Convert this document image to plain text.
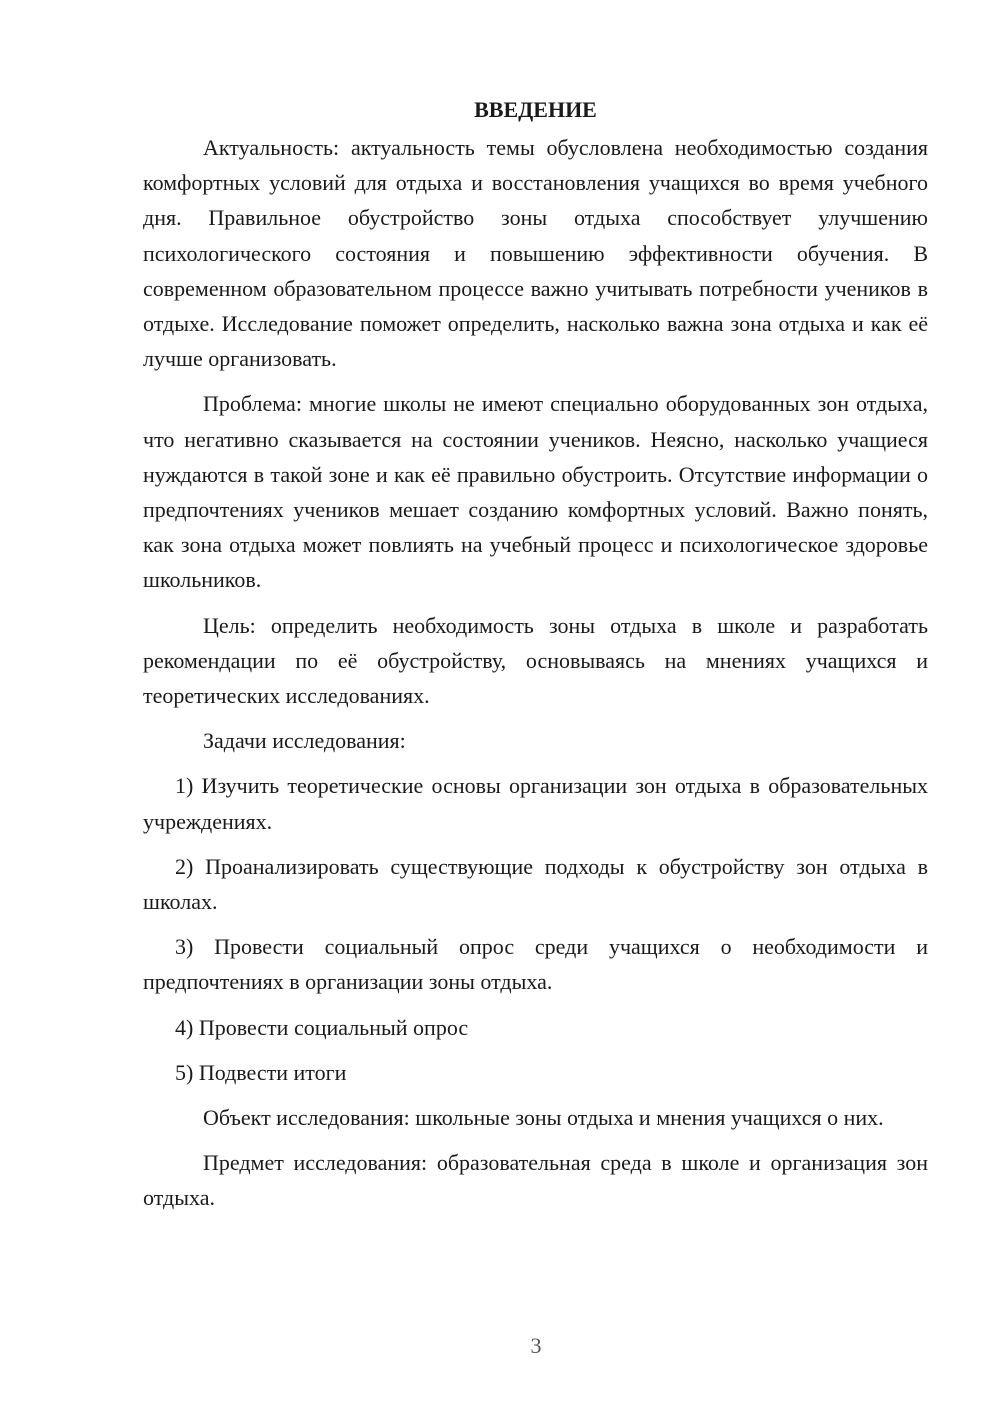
ВВЕДЕНИЕ

Актуальность: актуальность темы обусловлена необходимостью создания комфортных условий для отдыха и восстановления учащихся во время учебного дня. Правильное обустройство зоны отдыха способствует улучшению психологического состояния и повышению эффективности обучения. В современном образовательном процессе важно учитывать потребности учеников в отдыхе. Исследование поможет определить, насколько важна зона отдыха и как её лучше организовать.

Проблема: многие школы не имеют специально оборудованных зон отдыха, что негативно сказывается на состоянии учеников. Неясно, насколько учащиеся нуждаются в такой зоне и как её правильно обустроить. Отсутствие информации о предпочтениях учеников мешает созданию комфортных условий. Важно понять, как зона отдыха может повлиять на учебный процесс и психологическое здоровье школьников.

Цель: определить необходимость зоны отдыха в школе и разработать рекомендации по её обустройству, основываясь на мнениях учащихся и теоретических исследованиях.

Задачи исследования:

1) Изучить теоретические основы организации зон отдыха в образовательных учреждениях.

2) Проанализировать существующие подходы к обустройству зон отдыха в школах.

3) Провести социальный опрос среди учащихся о необходимости и предпочтениях в организации зоны отдыха.

4) Провести социальный опрос

5) Подвести итоги

Объект исследования: школьные зоны отдыха и мнения учащихся о них.

Предмет исследования: образовательная среда в школе и организация зон отдыха.

3
